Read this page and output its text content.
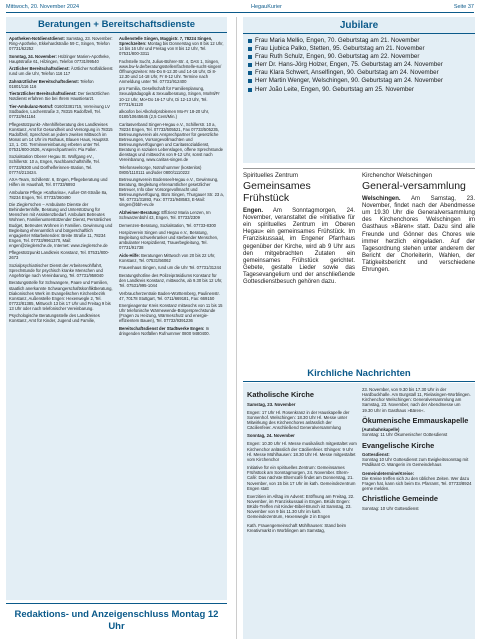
Mittwoch, 20. November 2024	HegauKurier	Seite 37
Beratungen + Bereitschaftsdienste

Apotheken-Notdienstdienst: Samstag, 23. November: Ring-Apotheke, Ekkehardstraße 59 C, Singen, Telefon 07731/62252

Sonntag, 24. November: Hülzinger Marien-Apotheke, Hauptstraße 61, Hilzingen, Telefon 07731/99540

Ärztlicher Bereitschaftsdienst: Ärztlicher Notfalldienst rund um die Uhr, Telefon 116 117

Zahnärztlicher Bereitschaftsdienst: Telefon 01801/116 116

Tierärztlicher Bereitschaftsdienst: Der tierärztlichen Notdienst erfahren Sie bei Ihrem Haustierarzt.

Tier-Ambulanz-Notruf: 0160/3381715, Verreinung LV Südbaden, Locherstraße 3, 78315 Radolfzell, Tel. 07732/941164

Pflegestützpunkt- Altenhilfeberatung des Landkreises Konstanz, Amt für Gesundheit und Versorgung in 78315 Radolfzell, Sprechzeit an jedem zweiten Mittwoch im Monat um 14 Uhr im Rathaus, Blauen Haus, Hauptstr. 13, 1. OG. Terminvereinbarung erbeten unter Tel. 07531/800-2626, Ansprechpartnerin: Pia Faller.

Sozialstation Oberer Hegau St. Wolfgang eV., Schillerstr. 10 a, Engen, Nachbarschaftshilfe, Tel. 07733/8300 und Dorfhelferinnen-Station, Tel. 07774/213424.

AXA-Team, Schillerstr. 6, Engen, Pflegeberatung und Hilfen im Haushalt, Tel. 07733/6893

Ambulante Pflege »Katharina«, Außer-Ort-Straße 8a, 78234 Engen, Tel. 07733/360490

Die Ziegler'schen – Ambulante Dienste der Behindertenhilfe, Beratung und Unterstützung für Menschen mit Assistenzbedarf. Ambulant Betreutes Wohnen, Familienunterstützender Dienst, Persönliches Budget, Betreutes Wohnen in Familien. Gewinnung und Begleitung ehrenamtlich und bürgerschaftlich engagierter Mitarbeitenden: Breite Straße 11, 78234 Engen, Tel. 07733/9961370, Mail: engen@zieglersche.de, Internet: www.zieglersche.de

Pflegestützpunkt Landkreis Konstanz, Tel. 07531/800-2673

Sozialpsychiatrischer Dienst der Arbeiterwohlfahrt, Sprechstunde für psychisch kranke Menschen und Angehörige nach Vereinbarung, Tel. 07731/958040

Beratungsstelle für Schwangere, Paare und Familien, staatlich anerkannte Schwangerschaftskonfliktberatung, Diakonisches Werk im Evangelischen Kirchenbezirk Konstanz, Außenstelle Engen: Hexenwegle 2, Tel. 07722/81385, Mittwoch 13 bis 17 Uhr und Freitag 9 bis 13 Uhr oder nach telefonischer Vereinbarung.

Psychologische Beratungsstelle des Landkreises Konstanz, Amt für Kinder, Jugend und Familie,

Außenstelle Singen, Maggistr. 7, 78224 Singen, Sprechzeiten: Montag bis Donnerstag von 8 bis 12 Uhr, 14 bis 16 Uhr und Freitag von 8 bis 12 Uhr, Tel. 07531/800-3311

Fachstelle Sucht, Julius-Bührer-Str. 4, DAS 1, Singen, www.bw-lv.de/beratungsstellen/fachstelle-sucht-singen/ Öffnungszeiten: Mo-Do 8-12.30 und 14-16 Uhr, Di 8-12.30 und 14-18 Uhr, Fr 8-12 Uhr. Termine nach Anmeldung unter Tel. 07731/912400

pro Familia, Gesellschaft für Familienplanung, Sexualpädagogik & Sexualberatung, Singen, Mo/Mi/Fr 10-12 Uhr, Mo+Do 16-17 Uhr, Di 12-13 Uhr, Tel. 07731/61120

alkoofon bei Alkoholproblemen Mo-Fr 18-20 Uhr, 0180/10645645 (2,5 Cent/Min.)

Caritasverband Singen-Hegau e.V., Schillerstr. 10 a, 78234 Engen, Tel. 07733/505521, Fax 07733/505235, Betreuungsverein als Ansprechpartner für gesetzliche Betreuungen, Vorsorgevollmachten und Betreuungsverfügungen und Caritassozialdienst, Beratung in sozialen Lebenslagen, offene Sprechstunde dienstags und mittwochs von 9-12 Uhr, sonst nach Vereinbarung, www.caritas-singen.de

Telefonseelsorge, Notrufnummer (kostenlos) 0800/1110111 und/oder 0800/1110222

Betreuungsverein Bodensee/Hegau e.V., Gewinnung, Beratung, Begleitung ehrenamtlicher gesetzlicher Betreuer, Info über Vorsorgevollmacht und Betreuungsverfügung, Büro Singen, Thurgauer Str. 23 a, Tel. 07731/31893, Fax: 07731/948583, E-Mail: singen@bbh-ev.de

Alzheimer-Beratung: Effizienz Maria Lenzen, Im Schwarzenbühl 43, Engen, Tel. 07733/2309

Demenzen-Beratung, Sozialstation, Tel. 07733-8300

Hospizverein Singen und Hegau e.V., Beratung, Begleitung schwerkranker und sterbender Menschen, ambulanter Hospizdienst, Trauerbegleitung, Tel. 07731/91738

Aids-Hilfe: Beratungen Mittwoch von 20 bis 22 Uhr, Konstanz, Tel. 07531/56062

Frauenhaus Singen, rund um die Uhr Tel. 07731/31244

Beratungshotline des Polizeipräsidiums Konstanz für den Landkreis Konstanz, mittwochs, ab 9.30 bis 12 Uhr, Tel. 07531/995-1044

Verbraucherzentrale Baden-Württemberg, Paulinenstr. 47, 70178 Stuttgart, Tel. 0711/669181, Fax: 669150

Energieagentur Kreis Konstanz mittwochs von 11 bis 15 Uhr telefonische Wärmewende-Bürgersprechstunde (Fragen zu Heizung, Wärmeschutz und energie-effizientem Bauen), Tel. 07732/9391236

Bereitschaftsdienst der Stadtwerke Engen: In dringenden Notfällen Rufnummer 0800 9480400.

Redaktions- und Anzeigenschluss Montag 12 Uhr
Jubilare
Frau Maria Mellio, Engen, 70. Geburtstag am 21. November
Frau Ljubica Palko, Stetten, 95. Geburtstag am 21. November
Frau Ruth Schulz, Engen, 90. Geburtstag am 22. November
Herr Dr. Hans-Jörg Holzer, Engen, 75. Geburtstag am 24. November
Frau Klara Schwert, Anselfingen, 90. Geburtstag am 24. November
Herr Martin Wenger, Welschingen, 90. Geburtstag am 24. November
Herr João Leite, Engen, 90. Geburtstag am 25. November
Spirituelles Zentrum
Gemeinsames Frühstück

Engen. Am Sonntagmorgen, 24. November, veranstaltet die »Initiative für ein spirituelles Zentrum im Oberen Hegau« ein gemeinsames Frühstück. Im Franziskussaal, im Engener Pfarrhaus gegenüber der Kirche, wird ab 9 Uhr aus den mitgebrachten Zutaten ein gemeinsames Frühstück gerichtet. Gebete, gestalte Lieder sowie das Tagesevangelium und der anschließende Gottesdienstbesuch gehören dazu.

Kirchenchor Welschingen
General-versammlung

Welschingen. Am Samstag, 23. November, findet nach der Abendmesse um 19.30 Uhr die Generalversammlung des Kirchenchores Welschingen im Gasthaus »Bären« statt. Dazu sind alle Freunde und Gönner des Chores wie immer herzlich eingeladen. Auf der Tagesordnung stehen unter anderem der Bericht der Chorleiterin, Wahlen, der Tätigkeitsbericht und verschiedene Ehrungen.

Kirchliche Nachrichten
Katholische Kirche

Samstag, 23. November

Engen: 17 Uhr Hl. Rosenkranz in der Hauskapelle der Sonnenhof. Welschingen: 18.30 Uhr Hl. Messe unter Mitwirkung des Kirchenchores anlässlich der Cäcilienfeier. Anschließend Generalversammlung

Sonntag, 24. November

Engen: 10.30 Uhr Hl. Messe musikalisch mitgestaltet vom Kirchenchor anlässlich der Cäcilienfeier. Ehingen: 9 Uhr Hl. Messe Mühlhausen: 18.30 Uhr Hl. Messe mitgestaltet vom Kirchenchor

Initiative für ein spirituelles Zentrum: Gemeinsames Frühstück am Sonntagmorgen, 24. November. Eltern-Café: Das nächste Elterncafé findet am Donnerstag, 21. November, von 15 bis 17 Uhr im kath. Gemeindezentrum Engen statt

Exerzitien im Alltag im Advent: Eröffnung am Freitag, 22. November, im Franziskussaal in Engen. BKids Engen: BKids-Treffen mit Kinder-Bibel-Brunch ist Samstag, 23. November von 9 bis 11.30 Uhr im kath. Gemeindezentrum, Hexenwegle 2 in Engen

Kath. Frauengemeinschaft Mühlhausen: Stand beim Kreativmarkt in Worblingen am Samstag,

23. November, von 9.30 bis 17.30 Uhr in der Hardbuckhalle. Am Burgstall 11, Rielasingen-Worblingen. Kirchenchor Welschingen: Generalversammlung am Samstag, 23. November, nach der Abendmesse um 19.30 Uhr im Gasthaus »Bären«.

Ökumenische Emmauskapelle

(Autobahnkapelle)
Sonntag: 11 Uhr Ökumenischer Gottesdienst

Evangelische Kirche

Gottesdienst:
Sonntag 10 Uhr Gottesdienst zum Ewigkeitssonntag mit Prädikant O. Wangerin im Gemeindehaus

Gemeindetermine/Kreise:
Die Kreise treffen sich zu den üblichen Zeiten. Wer dazu Fragen hat, kann sich beim Ev. Pfarramt, Tel. 07733/8924 gerne melden.

Christliche Gemeinde

Sonntag: 10 Uhr Gottesdienst
